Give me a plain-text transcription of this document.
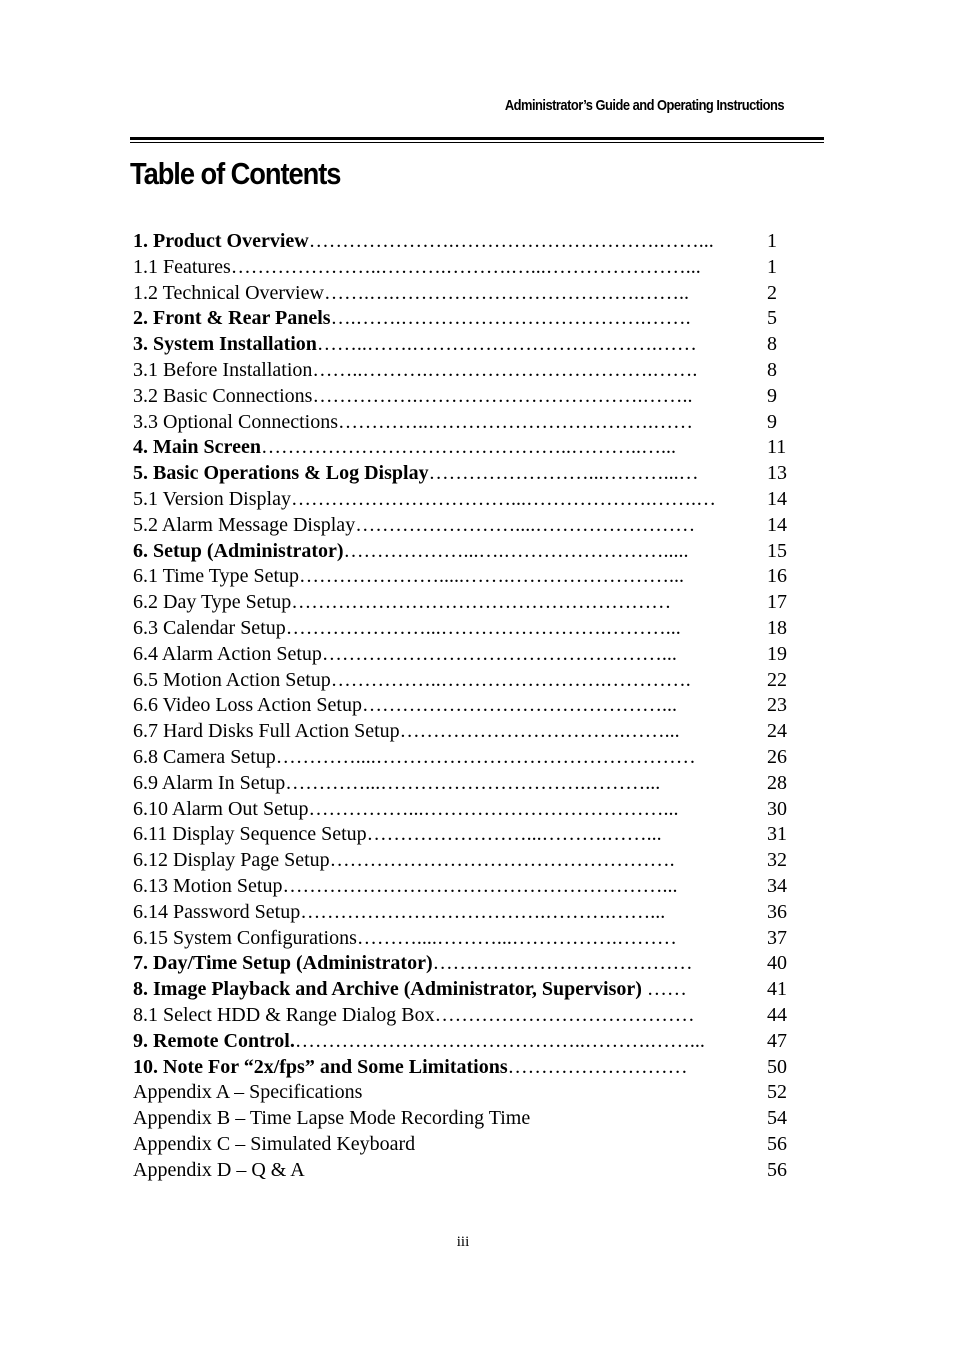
Administrator’s Guide and Operating Instructions
Table of Contents
1. Product Overview………………….………………………….……...	1
1.1 Features…………………..……….……….…...…………………...	1
1.2 Technical Overview…….….……………………………….……..	2
2. Front & Rear Panels….…….……………………………….…….	5
3. System Installation……..…….……………………………….……	8
3.1 Before Installation……..……….…………………………….…….	8
3.2 Basic Connections…………….…………………………….……..	9
3.3 Optional Connections…………..…………………………….……	9
4. Main Screen………………………………………..………..…...	11
5. Basic Operations & Log Display……………………...………...…	13
5.1 Version Display……………………………...……………….…….…	14
5.2 Alarm Message Display……………………....……………………	14
6. Setup (Administrator)………………...….…………………….....	15
6.1 Time Type Setup………………….....…….……………………...	16
6.2 Day Type Setup…………………………………………………	17
6.3 Calendar Setup…………………...…………………….………...	18
6.4 Alarm Action Setup……………………………………………...	19
6.5 Motion Action Setup……………..…………………….………….	22
6.6 Video Loss Action Setup………………………………………...	23
6.7 Hard Disks Full Action Setup…………………………….……...	24
6.8 Camera Setup…………....…………………………………………	26
6.9 Alarm In Setup…………...………………………….………...	28
6.10 Alarm Out Setup……………...………………………………...	30
6.11 Display Sequence Setup……………………...……….……...	31
6.12 Display Page Setup…………………………………………….	32
6.13 Motion Setup…………………………………………………...	34
6.14 Password Setup……………………………….……….……...	36
6.15 System Configurations………....………...…………….………	37
7. Day/Time Setup (Administrator)…………………………………	40
8. Image Playback and Archive (Administrator, Supervisor) ……	41
8.1 Select HDD & Range Dialog Box…………………………………	44
9. Remote Control.……………………………………..……….……...	47
10. Note For “2x/fps” and Some Limitations………………………	50
Appendix A – Specifications	52
Appendix B – Time Lapse Mode Recording Time	54
Appendix C – Simulated Keyboard	56
Appendix D – Q & A	56
iii
